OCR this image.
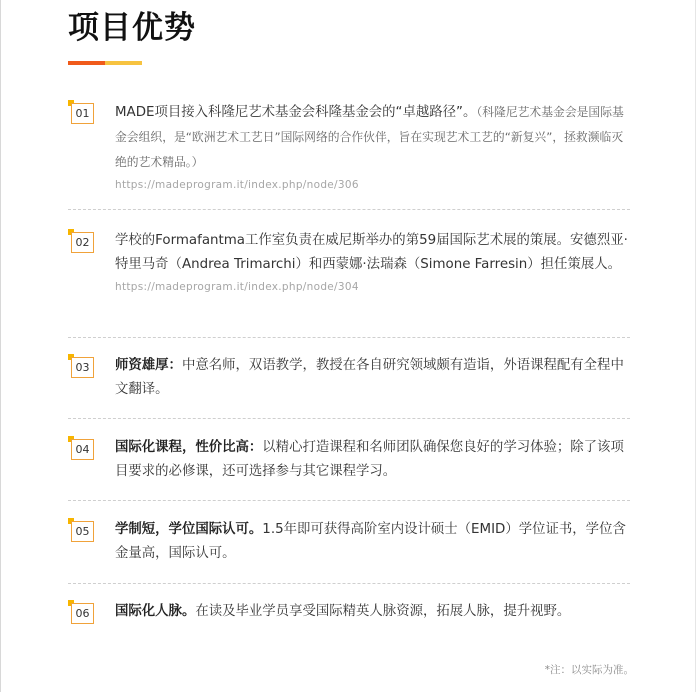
项目优势
01	MADE项目接入科隆尼艺术基金会科隆基金会的“卓越路径”。（科隆尼艺术基金会是国际基金会组织，是“欧洲艺术工艺日”国际网络的合作伙伴，旨在实现艺术工艺的“新复兴”，拯救濒临灭绝的艺术精品。）

https://madeprogram.it/index.php/node/306
02	学校的Formafantma工作室负责在威尼斯举办的第59届国际艺术展的策展。安德烈亚·特里马奇（Andrea Trimarchi）和西蒙娜·法瑞森（Simone Farresin）担任策展人。

https://madeprogram.it/index.php/node/304
03	师资雄厚：中意名师，双语教学，教授在各自研究领域颇有造诣，外语课程配有全程中文翻译。

04	国际化课程，性价比高：以精心打造课程和名师团队确保您良好的学习体验；除了该项目要求的必修课，还可选择参与其它课程学习。

05	学制短，学位国际认可。1.5年即可获得高阶室内设计硕士（EMID）学位证书，学位含金量高，国际认可。

06	国际化人脉。在读及毕业学员享受国际精英人脉资源，拓展人脉，提升视野。

*注：以实际为准。
